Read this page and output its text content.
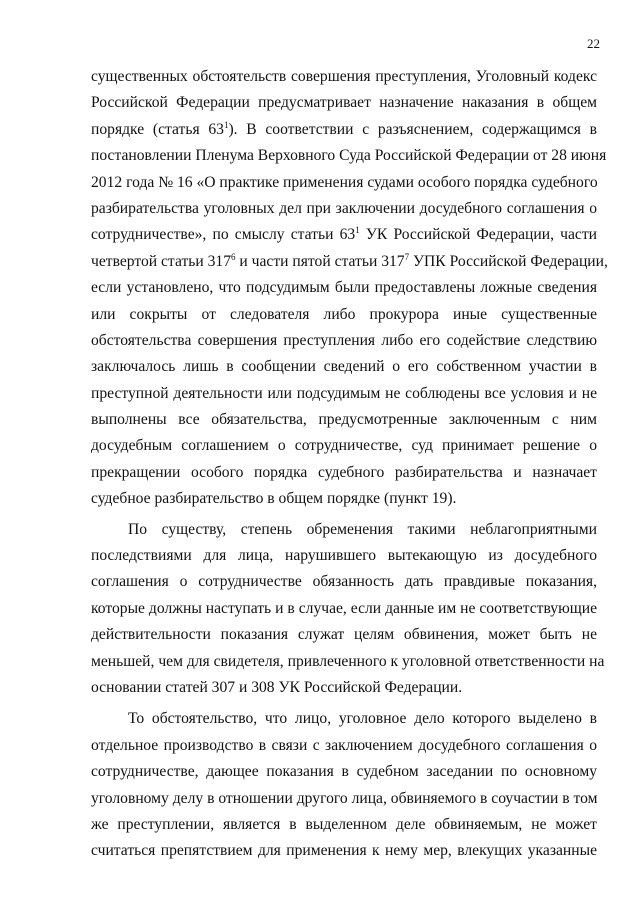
22
существенных обстоятельств совершения преступления, Уголовный кодекс
Российской Федерации предусматривает назначение наказания в общем
порядке (статья $63^1$). В соответствии с разъяснением, содержащимся в
постановлении Пленума Верховного Суда Российской Федерации от 28 июня
2012 года № 16 «О практике применения судами особого порядка судебного
разбирательства уголовных дел при заключении досудебного соглашения о
сотрудничестве», по смыслу статьи $63^1$ УК Российской Федерации, части
четвертой статьи $317^6$ и части пятой статьи $317^7$ УПК Российской Федерации,
если установлено, что подсудимым были предоставлены ложные сведения
или сокрыты от следователя либо прокурора иные существенные
обстоятельства совершения преступления либо его содействие следствию
заключалось лишь в сообщении сведений о его собственном участии в
преступной деятельности или подсудимым не соблюдены все условия и не
выполнены все обязательства, предусмотренные заключенным с ним
досудебным соглашением о сотрудничестве, суд принимает решение о
прекращении особого порядка судебного разбирательства и назначает
судебное разбирательство в общем порядке (пункт 19).
По существу, степень обременения такими неблагоприятными
последствиями для лица, нарушившего вытекающую из досудебного
соглашения о сотрудничестве обязанность дать правдивые показания,
которые должны наступать и в случае, если данные им не соответствующие
действительности показания служат целям обвинения, может быть не
меньшей, чем для свидетеля, привлеченного к уголовной ответственности на
основании статей 307 и 308 УК Российской Федерации.
То обстоятельство, что лицо, уголовное дело которого выделено в
отдельное производство в связи с заключением досудебного соглашения о
сотрудничестве, дающее показания в судебном заседании по основному
уголовному делу в отношении другого лица, обвиняемого в соучастии в том
же преступлении, является в выделенном деле обвиняемым, не может
считаться препятствием для применения к нему мер, влекущих указанные
